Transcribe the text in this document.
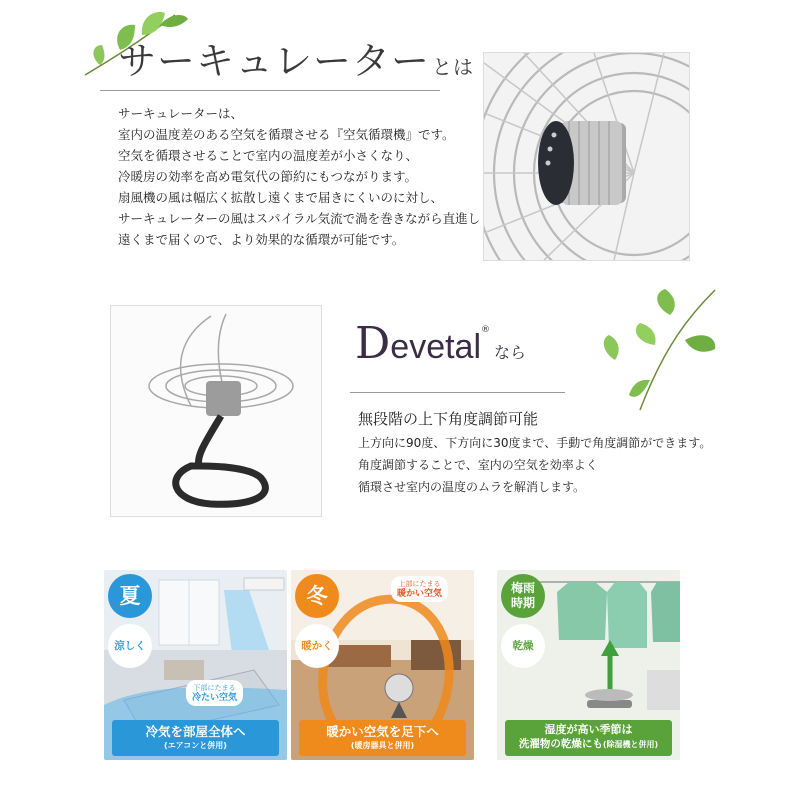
サーキュレーター とは
サーキュレーターは、
室内の温度差のある空気を循環させる『空気循環機』です。
空気を循環させることで室内の温度差が小さくなり、
冷暖房の効率を高め電気代の節約にもつながります。
扇風機の風は幅広く拡散し遠くまで届きにくいのに対し、
サーキュレーターの風はスパイラル気流で渦を巻きながら直進し
遠くまで届くので、より効果的な循環が可能です。
Devetal®なら
無段階の上下角度調節可能
上方向に90度、下方向に30度まで、手動で角度調節ができます。
角度調節することで、室内の空気を効率よく
循環させ室内の温度のムラを解消します。
夏
涼しく
下部にたまる
冷たい空気
冷気を部屋全体へ
(エアコンと併用)
冬
暖かく
上部にたまる
暖かい空気
暖かい空気を足下へ
(暖房器具と併用)
梅雨
時期
乾燥
湿度が高い季節は
洗濯物の乾燥にも(除湿機と併用)
